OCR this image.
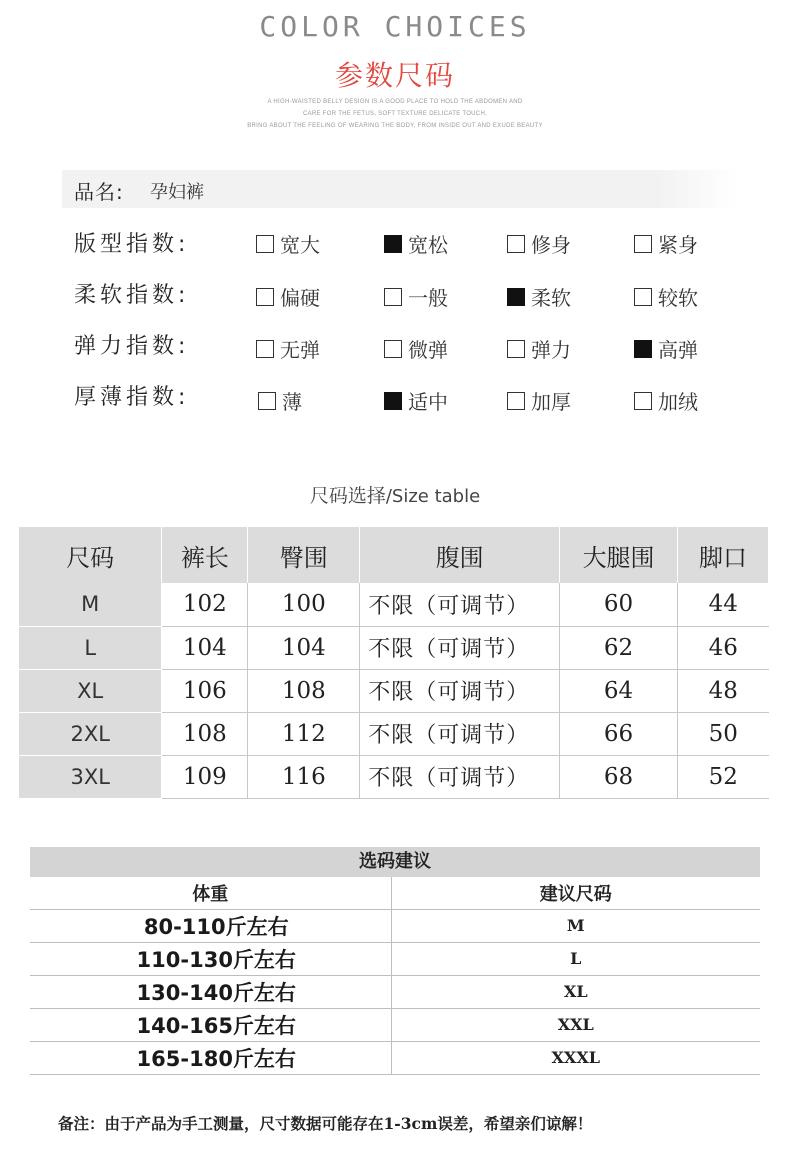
COLOR CHOICES
参数尺码
A HIGH-WAISTED BELLY DESIGN IS A GOOD PLACE TO HOLD THE ABDOMEN AND
CARE FOR THE FETUS, SOFT TEXTURE DELICATE TOUCH,
BRING ABOUT THE FEELING OF WEARING THE BODY, FROM INSIDE OUT AND EXUDE BEAUTY
品名: 孕妇裤
版型指数:	宽大	宽松	修身	紧身
柔软指数:	偏硬	一般	柔软	较软
弹力指数:	无弹	微弹	弹力	高弹
厚薄指数:	薄	适中	加厚	加绒
尺码选择/Size table
尺码	裤长	臀围	腹围	大腿围	脚口
M	102	100	不限（可调节）	60	44
L	104	104	不限（可调节）	62	46
XL	106	108	不限（可调节）	64	48
2XL	108	112	不限（可调节）	66	50
3XL	109	116	不限（可调节）	68	52
选码建议
体重	建议尺码
80-110斤左右	M
110-130斤左右	L
130-140斤左右	XL
140-165斤左右	XXL
165-180斤左右	XXXL
备注：由于产品为手工测量，尺寸数据可能存在1-3cm误差，希望亲们谅解！
